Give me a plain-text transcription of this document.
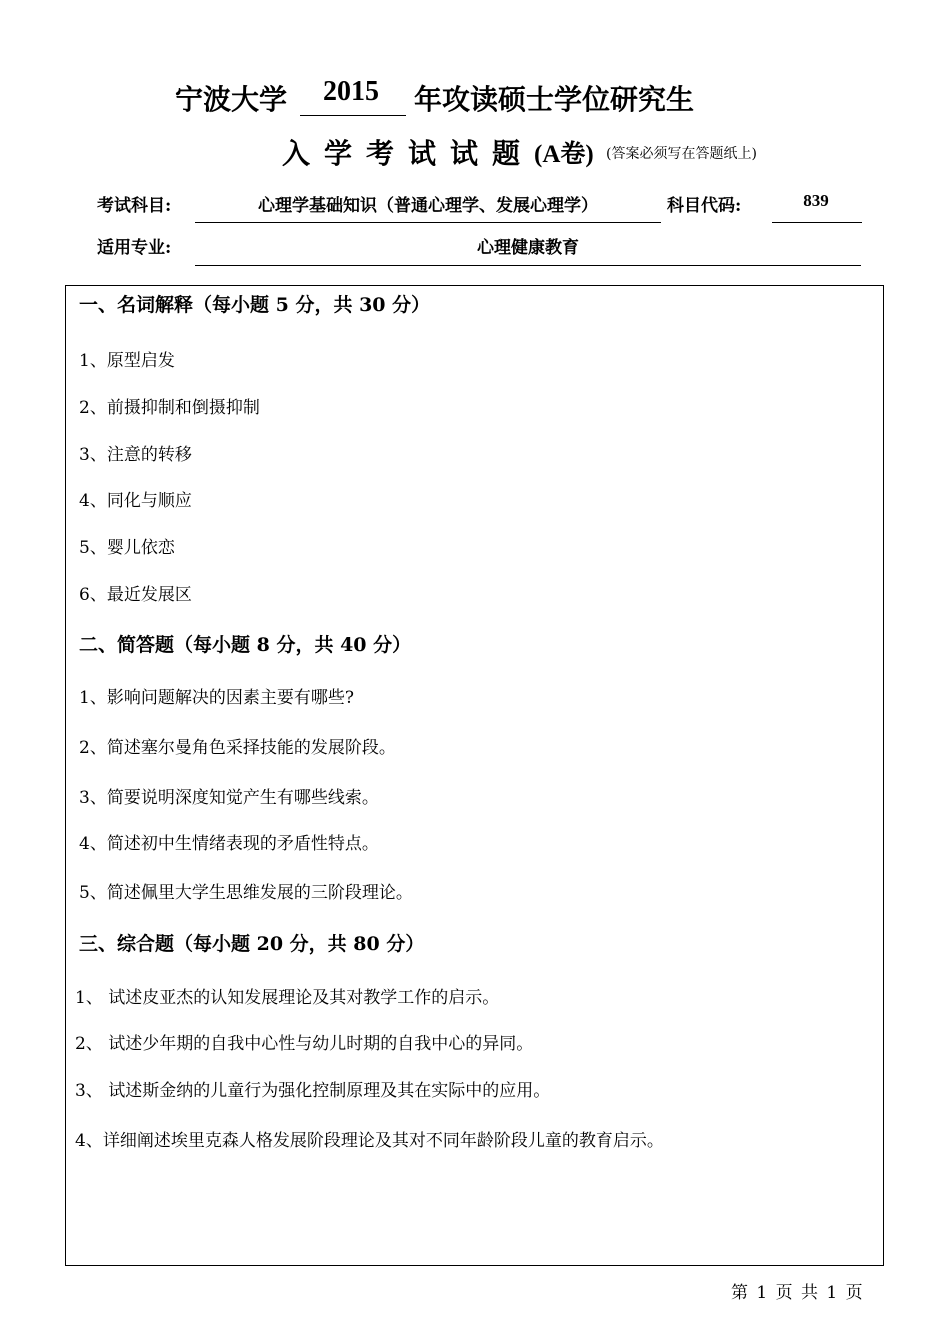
宁波大学 2015 年攻读硕士学位研究生
入学考试试题 (A卷) (答案必须写在答题纸上)
考试科目:	心理学基础知识（普通心理学、发展心理学）	科目代码:	839
适用专业:	心理健康教育
一、名词解释（每小题 5 分，共 30 分）
1、原型启发
2、前摄抑制和倒摄抑制
3、注意的转移
4、同化与顺应
5、婴儿依恋
6、最近发展区
二、简答题（每小题 8 分，共 40 分）
1、影响问题解决的因素主要有哪些?
2、简述塞尔曼角色采择技能的发展阶段。
3、简要说明深度知觉产生有哪些线索。
4、简述初中生情绪表现的矛盾性特点。
5、简述佩里大学生思维发展的三阶段理论。
三、综合题（每小题 20 分，共 80 分）
1、 试述皮亚杰的认知发展理论及其对教学工作的启示。
2、 试述少年期的自我中心性与幼儿时期的自我中心的异同。
3、 试述斯金纳的儿童行为强化控制原理及其在实际中的应用。
4、详细阐述埃里克森人格发展阶段理论及其对不同年龄阶段儿童的教育启示。
第 1 页 共 1 页
